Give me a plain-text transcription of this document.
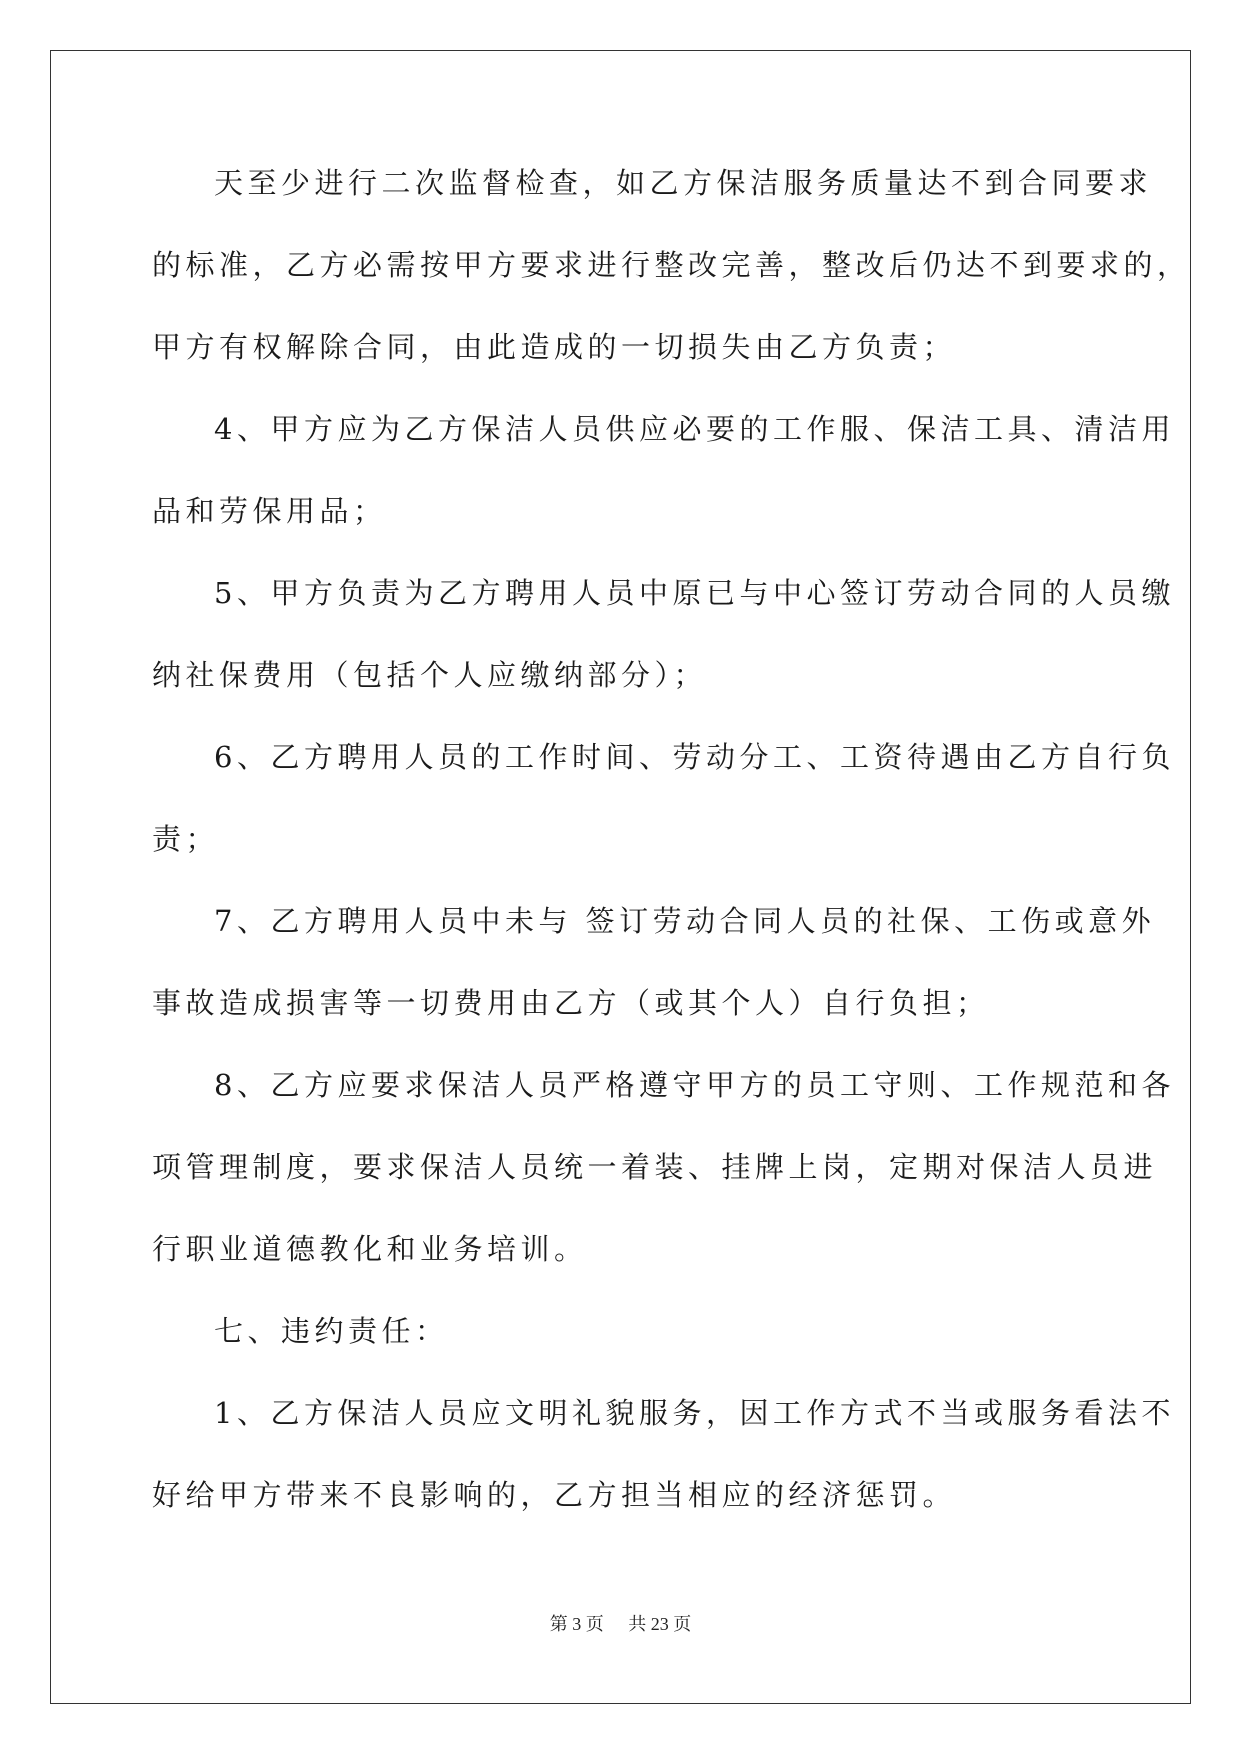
天至少进行二次监督检查，如乙方保洁服务质量达不到合同要求
的标准，乙方必需按甲方要求进行整改完善，整改后仍达不到要求的，
甲方有权解除合同，由此造成的一切损失由乙方负责；
4、甲方应为乙方保洁人员供应必要的工作服、保洁工具、清洁用
品和劳保用品；
5、甲方负责为乙方聘用人员中原已与中心签订劳动合同的人员缴
纳社保费用（包括个人应缴纳部分）；
6、乙方聘用人员的工作时间、劳动分工、工资待遇由乙方自行负
责；
7、乙方聘用人员中未与 签订劳动合同人员的社保、工伤或意外
事故造成损害等一切费用由乙方（或其个人）自行负担；
8、乙方应要求保洁人员严格遵守甲方的员工守则、工作规范和各
项管理制度，要求保洁人员统一着装、挂牌上岗，定期对保洁人员进
行职业道德教化和业务培训。
七、违约责任：
1、乙方保洁人员应文明礼貌服务，因工作方式不当或服务看法不
好给甲方带来不良影响的，乙方担当相应的经济惩罚。
第 3 页 共 23 页
